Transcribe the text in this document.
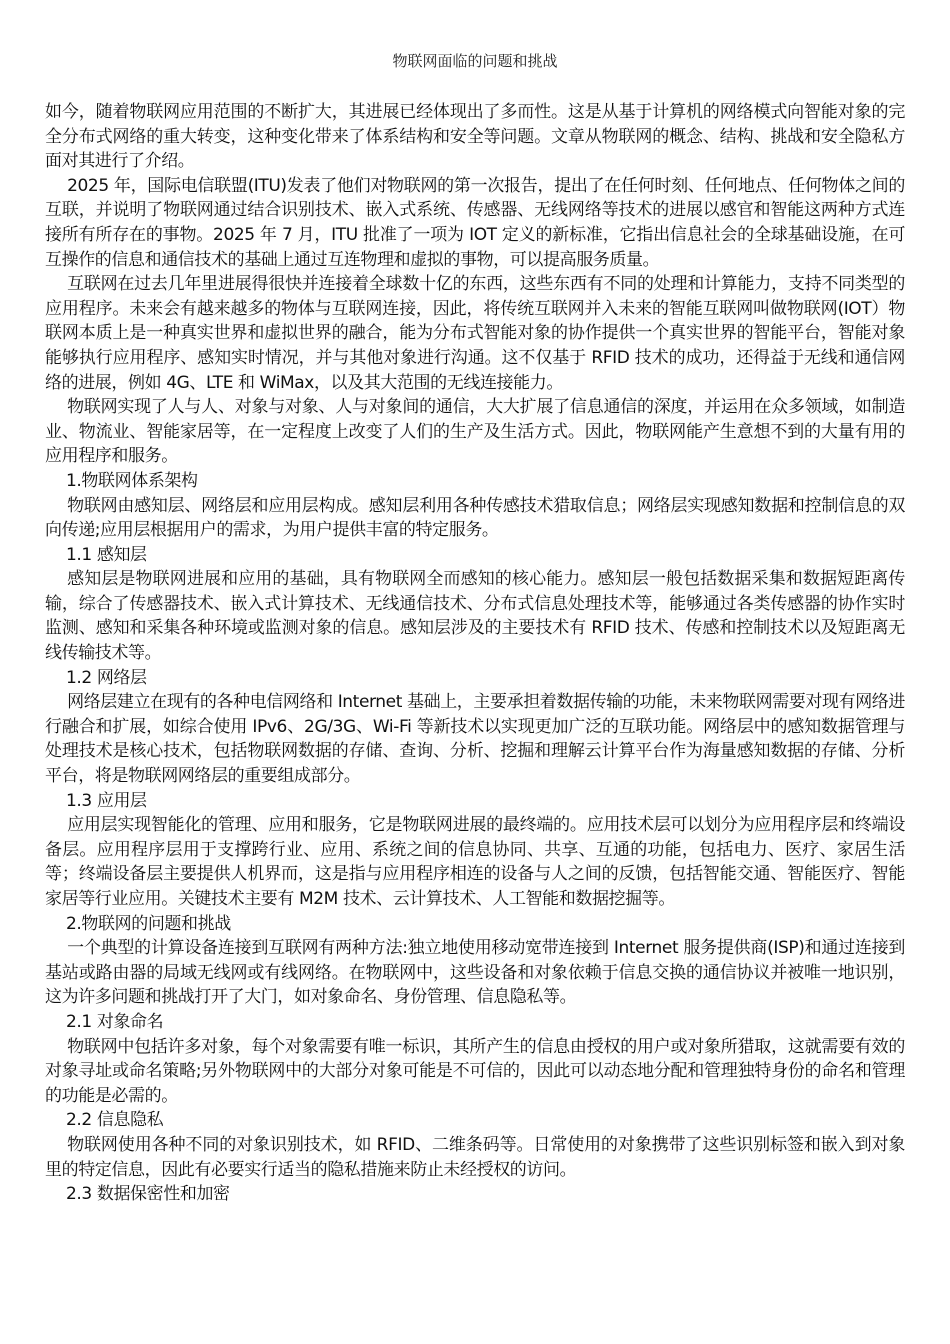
物联网面临的问题和挑战

如今，随着物联网应用范围的不断扩大，其进展已经体现出了多而性。这是从基于计算机的网络模式向智能对象的完全分布式网络的重大转变，这种变化带来了体系结构和安全等问题。文章从物联网的概念、结构、挑战和安全隐私方面对其进行了介绍。

2025 年，国际电信联盟(ITU)发表了他们对物联网的第一次报告，提出了在任何时刻、任何地点、任何物体之间的互联，并说明了物联网通过结合识别技术、嵌入式系统、传感器、无线网络等技术的进展以感官和智能这两种方式连接所有所存在的事物。2025 年 7 月，ITU 批准了一项为 IOT 定义的新标准，它指出信息社会的全球基础设施，在可互操作的信息和通信技术的基础上通过互连物理和虚拟的事物，可以提高服务质量。

互联网在过去几年里进展得很快并连接着全球数十亿的东西，这些东西有不同的处理和计算能力，支持不同类型的应用程序。未来会有越来越多的物体与互联网连接，因此，将传统互联网并入未来的智能互联网叫做物联网(IOT）物联网本质上是一种真实世界和虚拟世界的融合，能为分布式智能对象的协作提供一个真实世界的智能平台，智能对象能够执行应用程序、感知实时情况，并与其他对象进行沟通。这不仅基于 RFID 技术的成功，还得益于无线和通信网络的进展，例如 4G、LTE 和 WiMax，以及其大范围的无线连接能力。

物联网实现了人与人、对象与对象、人与对象间的通信，大大扩展了信息通信的深度，并运用在众多领域，如制造业、物流业、智能家居等，在一定程度上改变了人们的生产及生活方式。因此，物联网能产生意想不到的大量有用的应用程序和服务。

1.物联网体系架构

物联网由感知层、网络层和应用层构成。感知层利用各种传感技术猎取信息；网络层实现感知数据和控制信息的双向传递;应用层根据用户的需求，为用户提供丰富的特定服务。

1.1 感知层

感知层是物联网进展和应用的基础，具有物联网全而感知的核心能力。感知层一般包括数据采集和数据短距离传输，综合了传感器技术、嵌入式计算技术、无线通信技术、分布式信息处理技术等，能够通过各类传感器的协作实时监测、感知和采集各种环境或监测对象的信息。感知层涉及的主要技术有 RFID 技术、传感和控制技术以及短距离无线传输技术等。

1.2 网络层

网络层建立在现有的各种电信网络和 Internet 基础上，主要承担着数据传输的功能，未来物联网需要对现有网络进行融合和扩展，如综合使用 IPv6、2G/3G、Wi-Fi 等新技术以实现更加广泛的互联功能。网络层中的感知数据管理与处理技术是核心技术，包括物联网数据的存储、查询、分析、挖掘和理解云计算平台作为海量感知数据的存储、分析平台，将是物联网网络层的重要组成部分。

1.3 应用层

应用层实现智能化的管理、应用和服务，它是物联网进展的最终端的。应用技术层可以划分为应用程序层和终端设备层。应用程序层用于支撑跨行业、应用、系统之间的信息协同、共享、互通的功能，包括电力、医疗、家居生活等；终端设备层主要提供人机界而，这是指与应用程序相连的设备与人之间的反馈，包括智能交通、智能医疗、智能家居等行业应用。关键技术主要有 M2M 技术、云计算技术、人工智能和数据挖掘等。

2.物联网的问题和挑战

一个典型的计算设备连接到互联网有两种方法:独立地使用移动宽带连接到 Internet 服务提供商(ISP)和通过连接到基站或路由器的局域无线网或有线网络。在物联网中，这些设备和对象依赖于信息交换的通信协议并被唯一地识别，这为许多问题和挑战打开了大门，如对象命名、身份管理、信息隐私等。

2.1 对象命名

物联网中包括许多对象，每个对象需要有唯一标识，其所产生的信息由授权的用户或对象所猎取，这就需要有效的对象寻址或命名策略;另外物联网中的大部分对象可能是不可信的，因此可以动态地分配和管理独特身份的命名和管理的功能是必需的。

2.2 信息隐私

物联网使用各种不同的对象识别技术，如 RFID、二维条码等。日常使用的对象携带了这些识别标签和嵌入到对象里的特定信息，因此有必要实行适当的隐私措施来防止未经授权的访问。

2.3 数据保密性和加密
